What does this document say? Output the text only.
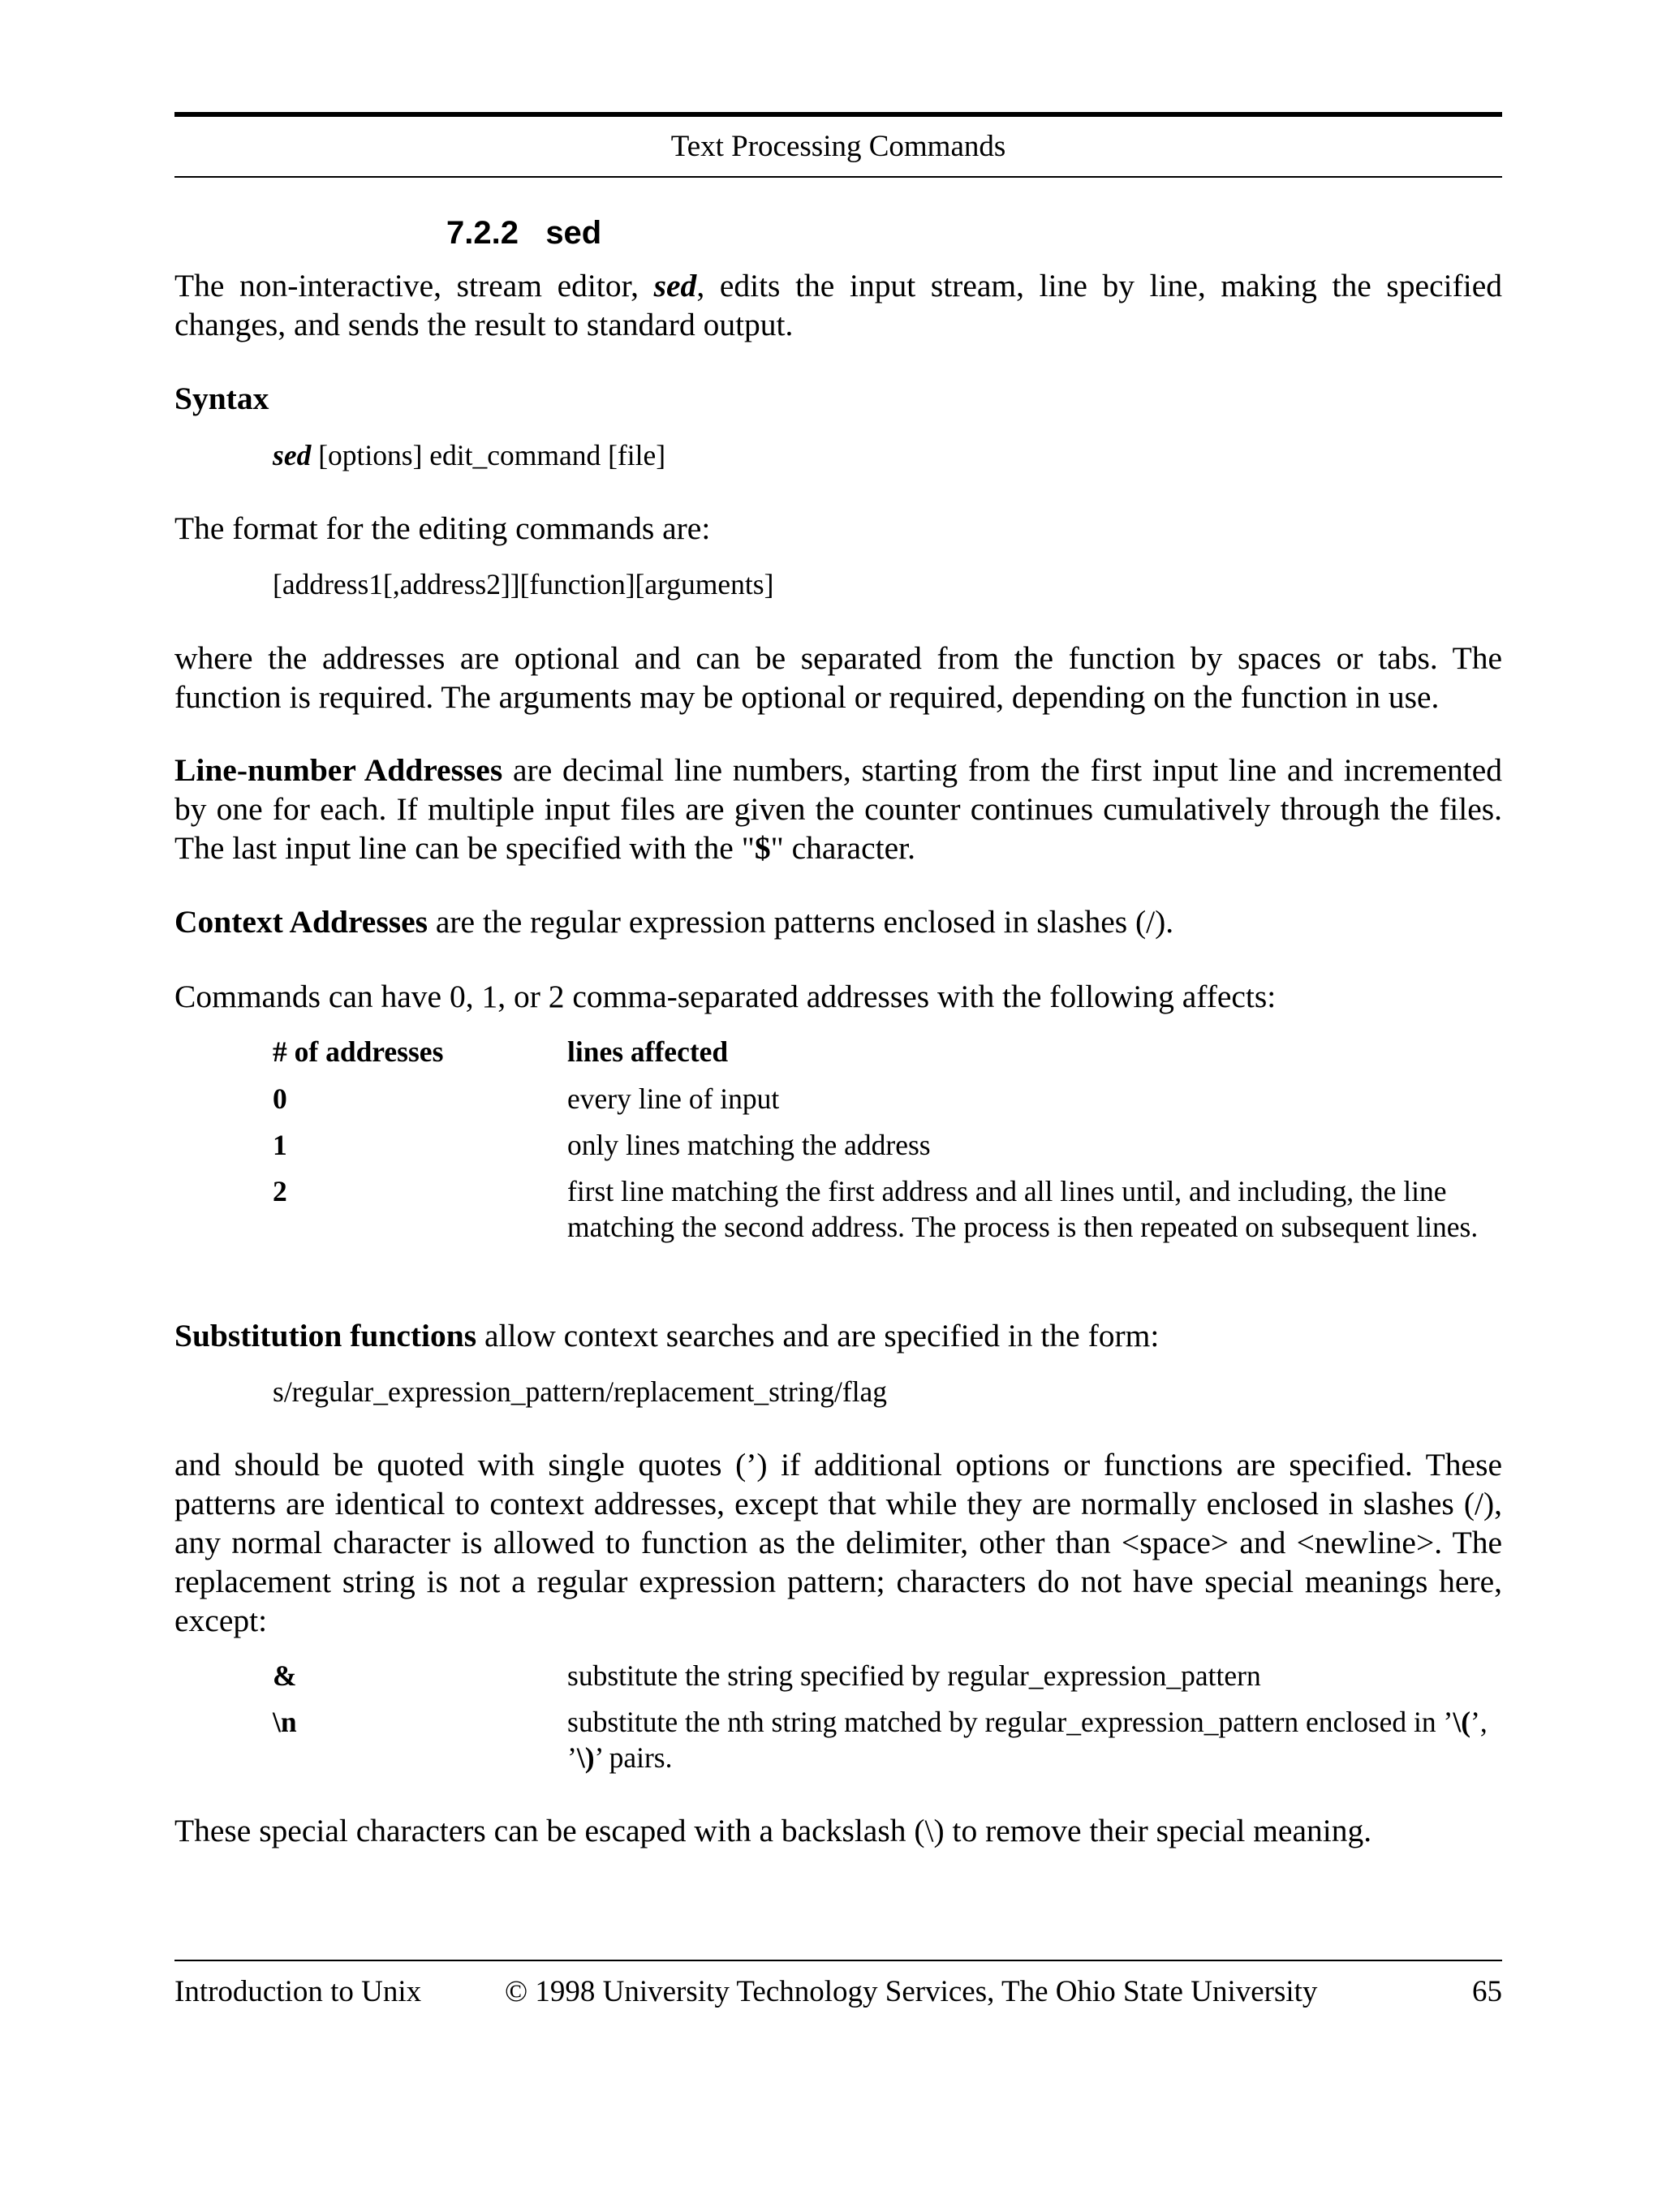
Text Processing Commands
7.2.2 sed

The non-interactive, stream editor, sed, edits the input stream, line by line, making the specified changes, and sends the result to standard output.

Syntax

sed [options] edit_command [file]

The format for the editing commands are:

[address1[,address2]][function][arguments]

where the addresses are optional and can be separated from the function by spaces or tabs. The function is required. The arguments may be optional or required, depending on the function in use.

Line-number Addresses are decimal line numbers, starting from the first input line and incremented by one for each. If multiple input files are given the counter continues cumulatively through the files. The last input line can be specified with the "$" character.

Context Addresses are the regular expression patterns enclosed in slashes (/).

Commands can have 0, 1, or 2 comma-separated addresses with the following affects:

# of addresses	lines affected
0	every line of input
1	only lines matching the address
2	first line matching the first address and all lines until, and including, the line matching the second address. The process is then repeated on subsequent lines.

Substitution functions allow context searches and are specified in the form:

s/regular_expression_pattern/replacement_string/flag

and should be quoted with single quotes (’) if additional options or functions are specified. These patterns are identical to context addresses, except that while they are normally enclosed in slashes (/), any normal character is allowed to function as the delimiter, other than <space> and <newline>. The replacement string is not a regular expression pattern; characters do not have special meanings here, except:

&	substitute the string specified by regular_expression_pattern
\n	substitute the nth string matched by regular_expression_pattern enclosed in ’\(’, ’\)’ pairs.

These special characters can be escaped with a backslash (\) to remove their special meaning.

Introduction to Unix	© 1998 University Technology Services, The Ohio State University	65
